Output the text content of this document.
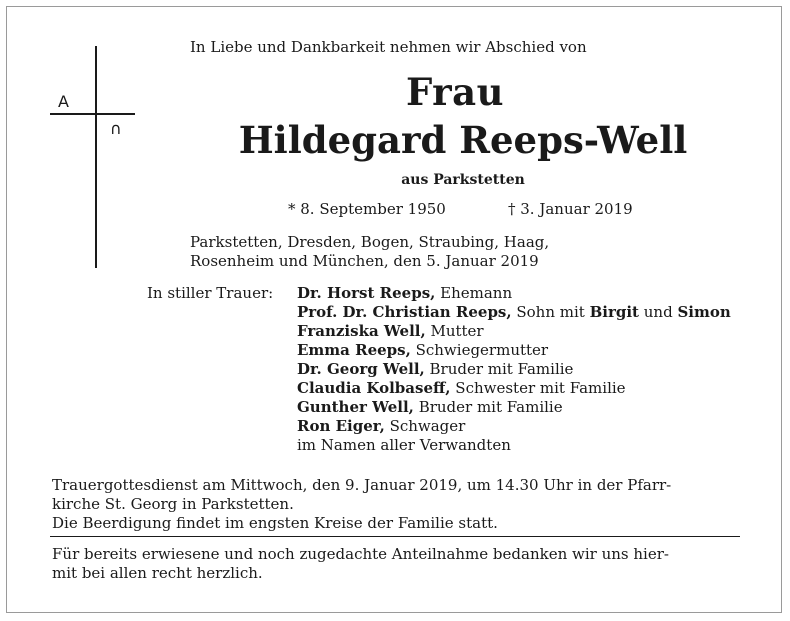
A
∩
In Liebe und Dankbarkeit nehmen wir Abschied von
Frau
Hildegard Reeps-Well
aus Parkstetten
* 8. September 1950	† 3. Januar 2019
Parkstetten, Dresden, Bogen, Straubing, Haag,
Rosenheim und München, den 5. Januar 2019
In stiller Trauer: Dr. Horst Reeps, Ehemann
Prof. Dr. Christian Reeps, Sohn mit Birgit und Simon
Franziska Well, Mutter
Emma Reeps, Schwiegermutter
Dr. Georg Well, Bruder mit Familie
Claudia Kolbaseff, Schwester mit Familie
Gunther Well, Bruder mit Familie
Ron Eiger, Schwager
im Namen aller Verwandten
Trauergottesdienst am Mittwoch, den 9. Januar 2019, um 14.30 Uhr in der Pfarr-
kirche St. Georg in Parkstetten.
Die Beerdigung findet im engsten Kreise der Familie statt.
Für bereits erwiesene und noch zugedachte Anteilnahme bedanken wir uns hier-
mit bei allen recht herzlich.
